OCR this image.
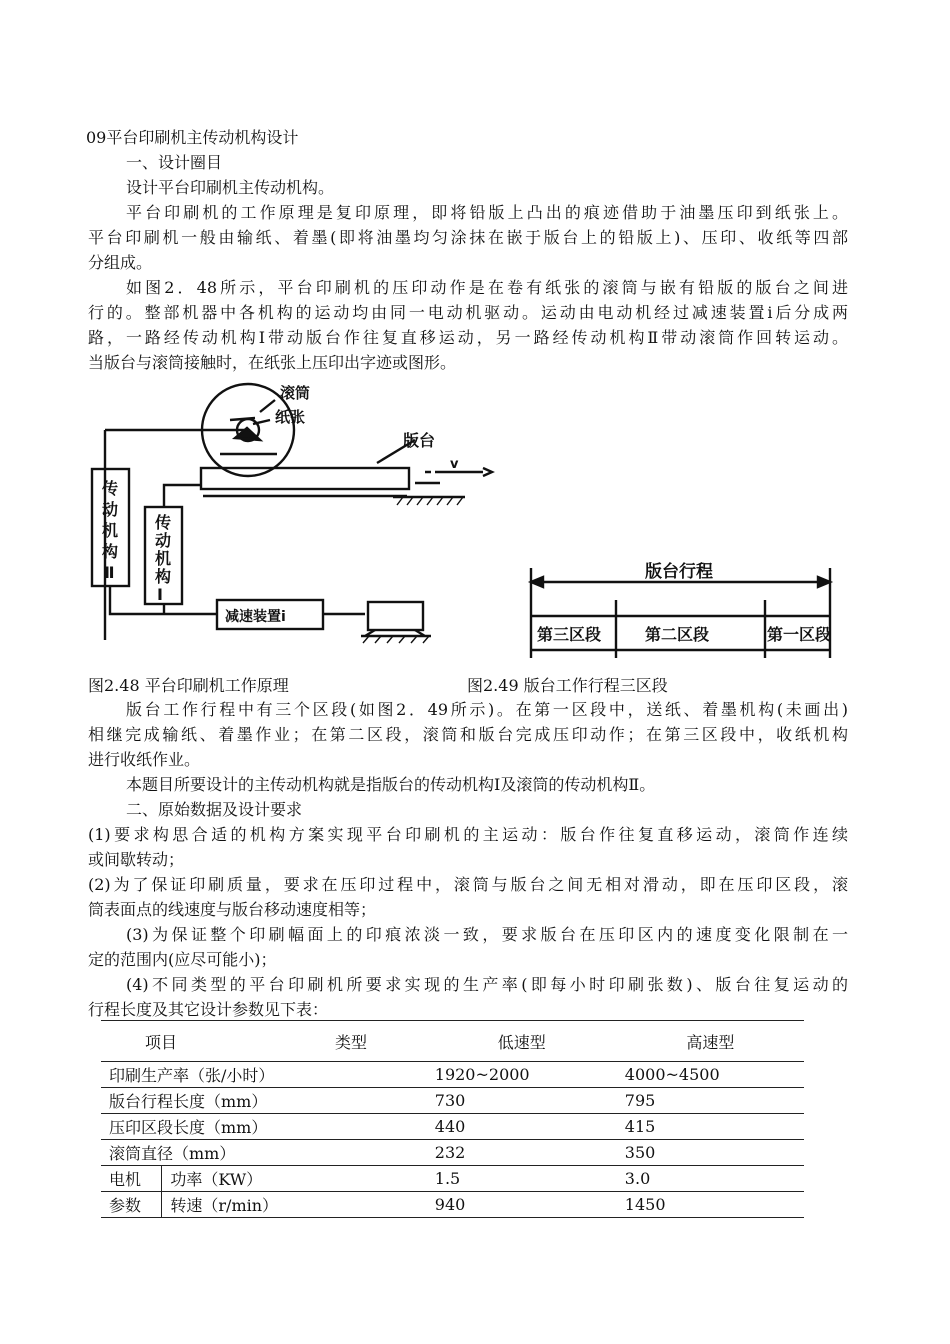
09平台印刷机主传动机构设计
一、设计圈目
设计平台印刷机主传动机构。
平台印刷机的工作原理是复印原理，即将铅版上凸出的痕迹借助于油墨压印到纸张上。
平台印刷机一般由输纸、着墨(即将油墨均匀涂抹在嵌于版台上的铅版上)、压印、收纸等四部
分组成。
如图2．48所示，平台印刷机的压印动作是在卷有纸张的滚筒与嵌有铅版的版台之间进
行的。整部机器中各机构的运动均由同一电动机驱动。运动由电动机经过减速装置i后分成两
路，一路经传动机构Ⅰ带动版台作往复直移运动，另一路经传动机构Ⅱ带动滚筒作回转运动。
当版台与滚筒接触时，在纸张上压印出字迹或图形。
滚筒
纸张
版台
v
传
动
机
构
Ⅱ
传
动
机
构
Ⅰ
减速装置i
版台行程
第三区段	第二区段	第一区段
图2.48 平台印刷机工作原理	图2.49 版台工作行程三区段
版台工作行程中有三个区段(如图2．49所示)。在第一区段中，送纸、着墨机构(未画出)
相继完成输纸、着墨作业；在第二区段，滚筒和版台完成压印动作；在第三区段中，收纸机构
进行收纸作业。
本题目所要设计的主传动机构就是指版台的传动机构Ⅰ及滚筒的传动机构Ⅱ。
二、原始数据及设计要求
(1)要求构思合适的机构方案实现平台印刷机的主运动：版台作往复直移运动，滚筒作连续
或间歇转动；
(2)为了保证印刷质量，要求在压印过程中，滚筒与版台之间无相对滑动，即在压印区段，滚
筒表面点的线速度与版台移动速度相等；
(3)为保证整个印刷幅面上的印痕浓淡一致，要求版台在压印区内的速度变化限制在一
定的范围内(应尽可能小)；
(4)不同类型的平台印刷机所要求实现的生产率(即每小时印刷张数)、版台往复运动的
行程长度及其它设计参数见下表：
项目 类型		低速型	高速型
印刷生产率（张/小时）		1920~2000	4000~4500
版台行程长度（mm）		730	795
压印区段长度（mm）		440	415
滚筒直径（mm）		232	350
电机	功率（KW）	1.5	3.0
参数	转速（r/min）	940	1450
